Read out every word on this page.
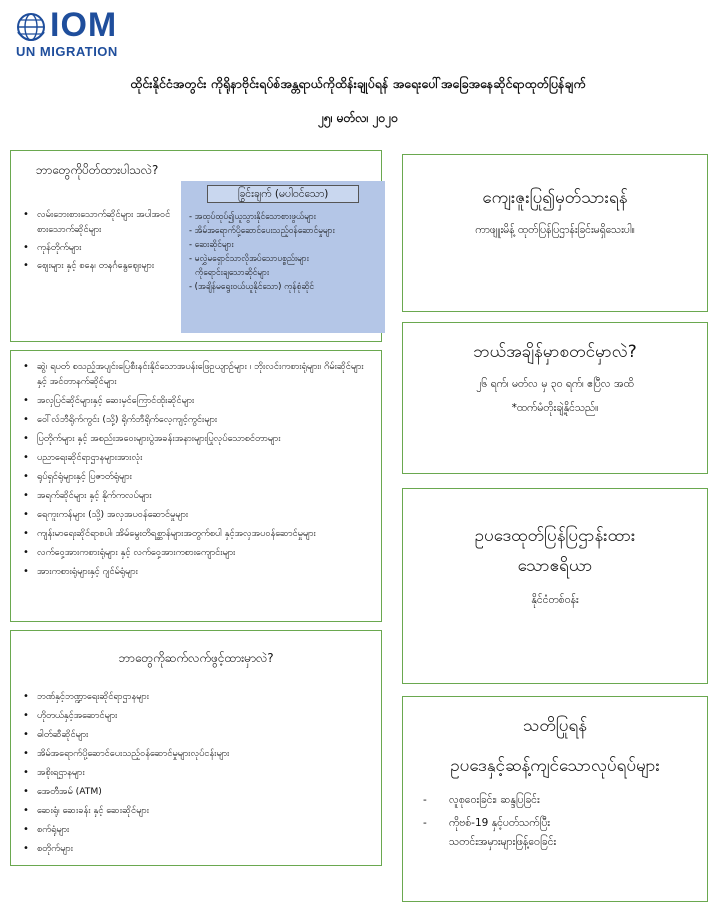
IOM
UN MIGRATION
ထိုင်းနိုင်ငံအတွင်း ကိုရိုနာဗိုင်းရပ်စ်အန္တရာယ်ကိုထိန်းချုပ်ရန် အရေးပေါ်အခြေအနေဆိုင်ရာထုတ်ပြန်ချက်
၂၅၊ မတ်လ၊ ၂၀၂၀
ဘာတွေကိုပိတ်ထားပါသလဲ?
• လမ်းဘေးစားသောက်ဆိုင်များ အပါအဝင် စားသောက်ဆိုင်များ
• ကုန်တိုက်များ
• ဈေးများ နှင့် စနေ၊ တနင်္ဂနွေဈေးများ
ခြွင်းချက် (မပါဝင်သော)
- အထုပ်ထုပ်၍ယူသွားနိုင်သောစားဖွယ်များ
- အိမ်အရောက်ပို့ဆောင်ပေးသည့်ဝန်ဆောင်မှုများ
- ဆေးဆိုင်များ
- မလွှဲမရှောင်သာလိုအပ်သောပစ္စည်းများ
ကိုရောင်းချသောဆိုင်များ
- (အချိန်မရွေးဝယ်ယူနိုင်သော) ကုန်စုံဆိုင်
• ဆွဲ၊ ရပတ် စသည့်အပျင်းပြေစီးနင်းနိုင်သောအပန်းဖြေဥယျာဉ်များ ၊ ဘိုးလင်းကစားရုံများ၊ ဂိမ်းဆိုင်များနှင့် အင်တာနက်ဆိုင်များ
• အလှပြင်ဆိုင်များနှင့် ဆေးမှင်ကြောင်ထိုးဆိုင်များ
• ဝေါ်လ်ဘီရိုက်ကွင်း (သို့) ရိုက်ဘီရိုက်လေ့ကျင့်ကွင်းများ
• ပြတိုက်များ နှင့် အစည်းအဝေးများပွဲအခန်းအနားများပြုလုပ်သောစင်တာများ
• ပညာရေးဆိုင်ရာဌာနများအားလုံး
• ရုပ်ရှင်ရုံများနှင့် ပြဇာတ်ရုံများ
• အရက်ဆိုင်များ နှင့် နိုက်ကလပ်များ
• ရေကူးကန်များ (သို့) အလှအပဝန်ဆောင်မှုများ
• ကျန်းမာရေးဆိုင်ရာစပါ၊ အိမ်မွေးတိရစ္ဆာန်များအတွက်စပါ နှင့်အလှအပဝန်ဆောင်မှုများ
• လက်ဝှေ့အားကစားရုံများ နှင့် လက်ဝှေ့အားကစားကျောင်းများ
• အားကစားရုံများနှင့် ဂျင်မ်ရုံများ
ဘာတွေကိုဆက်လက်ဖွင့်ထားမှာလဲ?
• ဘဏ်နှင့်ဘဏ္ဍာရေးဆိုင်ရာဌာနများ
• ဟိုတယ်နှင့်အဆောင်များ
• ဓါတ်ဆီဆိုင်များ
• အိမ်အရောက်ပို့ဆောင်ပေးသည့်ဝန်ဆောင်မှုများလုပ်ငန်းများ
• အစိုးရဌာနများ
• အေတီအမ် (ATM)
• ဆေးရုံ၊ ဆေးခန်း နှင့် ဆေးဆိုင်များ
• စက်ရုံများ
• စတိုက်များ
ကျေးဇူးပြု၍မှတ်သားရန်

ကာဖျူးမိန့် ထုတ်ပြန်ပြဌာန်းခြင်းမရှိသေးပါ။

ဘယ်အချိန်မှာစတင်မှာလဲ?

၂၆ ရက်၊ မတ်လ မှ ၃၀ ရက်၊ ဧပြီလ အထိ

*ထက်မံတိုးချဲ့နိုင်သည်။

ဥပဒေထုတ်ပြန်ပြဌာန်းထား
သောဧရိယာ

နိုင်ငံတစ်ဝန်း

သတိပြုရန်
ဥပဒေနှင့်ဆန့်ကျင်သောလုပ်ရပ်များ
- လူစုဝေးခြင်း၊ ဆန္ဒပြခြင်း
- ကိုဗစ်-19 နှင့်ပတ်သက်ပြီး
သတင်းအမှားများဖြန့်ဝေခြင်း
